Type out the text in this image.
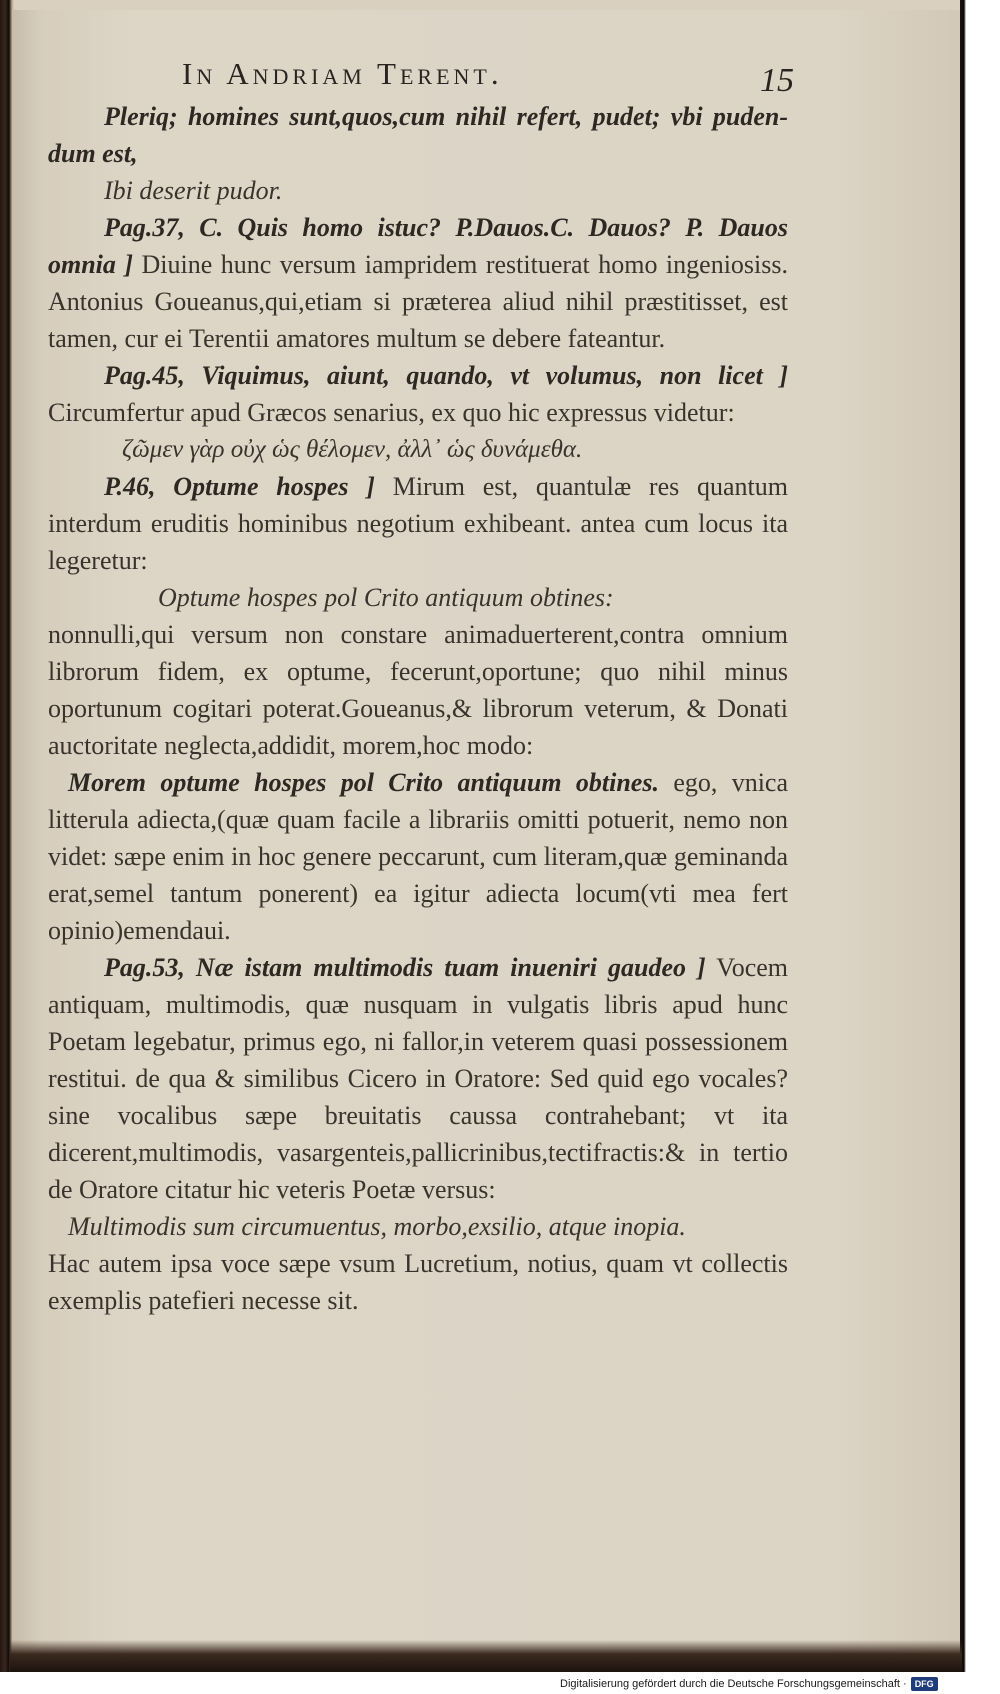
In Andriam Terent.	15

Pleriq; homines sunt,quos,cum nihil refert, pudet; vbi puden-dum est,

Ibi deserit pudor.

Pag.37, C. Quis homo istuc? P.Dauos.C. Dauos? P. Dauos omnia ] Diuine hunc versum iampridem restituerat homo ingeniosiss. Antonius Goueanus,qui,etiam si præterea aliud nihil præstitisset, est tamen, cur ei Terentii amatores multum se debere fateantur.

Pag.45, Viquimus, aiunt, quando, vt volumus, non licet ] Circumfertur apud Græcos senarius, ex quo hic expressus videtur:

ζῶμεν γὰρ οὐχ ὡς θέλομεν, ἀλλ᾽ ὡς δυνάμεθα.

P.46, Optume hospes ] Mirum est, quantulæ res quantum interdum eruditis hominibus negotium exhibeant. antea cum locus ita legeretur:

Optume hospes pol Crito antiquum obtines:

nonnulli,qui versum non constare animaduerterent,contra omnium librorum fidem, ex optume, fecerunt,oportune; quo nihil minus oportunum cogitari poterat.Goueanus,& librorum veterum, & Donati auctoritate neglecta,addidit, morem,hoc modo:

Morem optume hospes pol Crito antiquum obtines. ego, vnica litterula adiecta,(quæ quam facile a librariis omitti potuerit, nemo non videt: sæpe enim in hoc genere peccarunt, cum literam,quæ geminanda erat,semel tantum ponerent) ea igitur adiecta locum(vti mea fert opinio)emendaui.

Pag.53, Næ istam multimodis tuam inueniri gaudeo ] Vocem antiquam, multimodis, quæ nusquam in vulgatis libris apud hunc Poetam legebatur, primus ego, ni fallor,in veterem quasi possessionem restitui. de qua & similibus Cicero in Oratore: Sed quid ego vocales? sine vocalibus sæpe breuitatis caussa contrahebant; vt ita dicerent,multimodis, vasargenteis,pallicrinibus,tectifractis:& in tertio de Oratore citatur hic veteris Poetæ versus:

Multimodis sum circumuentus, morbo,exsilio, atque inopia.

Hac autem ipsa voce sæpe vsum Lucretium, notius, quam vt collectis exemplis patefieri necesse sit.

Digitalisierung gefördert durch die Deutsche Forschungsgemeinschaft · DFG
